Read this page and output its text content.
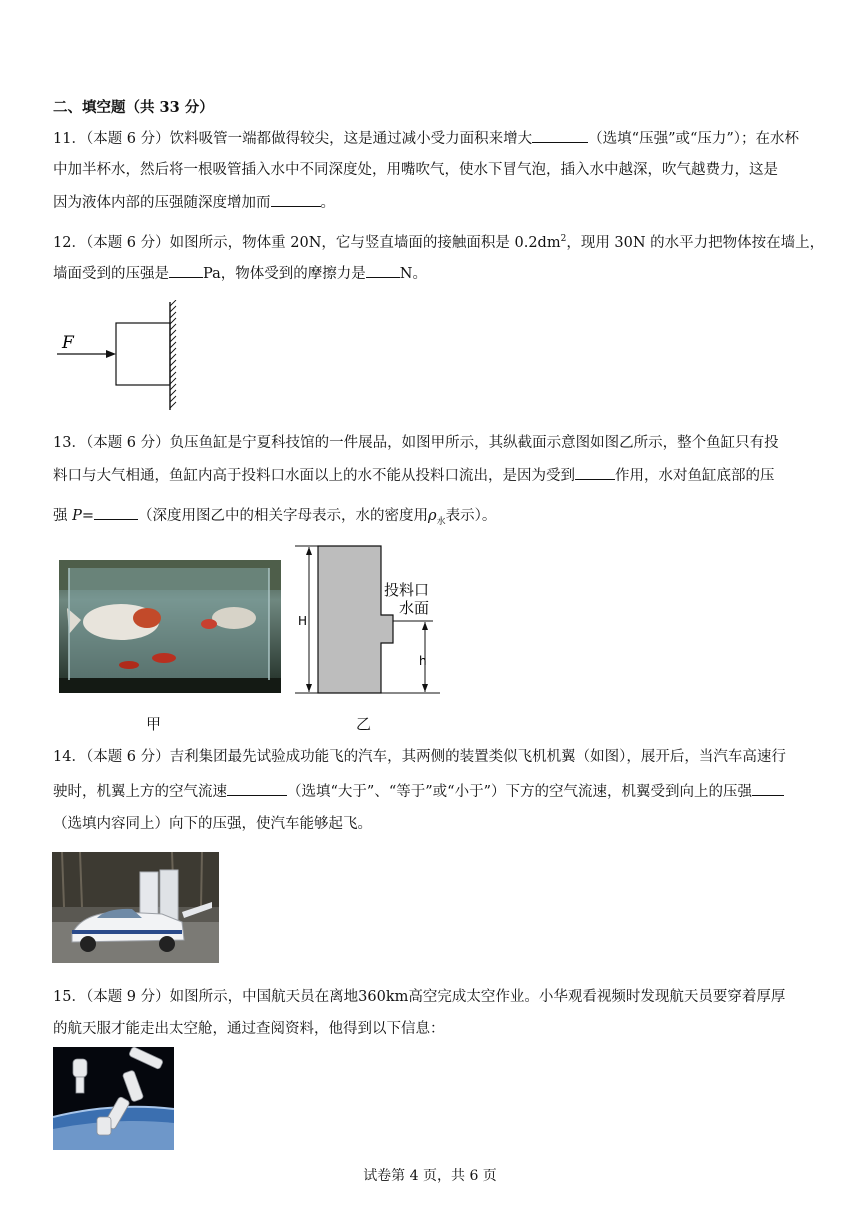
二、填空题（共 33 分）
11．（本题 6 分）饮料吸管一端都做得较尖，这是通过减小受力面积来增大	（选填“压强”或“压力”）；在水杯
中加半杯水，然后将一根吸管插入水中不同深度处，用嘴吹气，使水下冒气泡，插入水中越深，吹气越费力，这是
因为液体内部的压强随深度增加而	。
12．（本题 6 分）如图所示，物体重 20N，它与竖直墙面的接触面积是 $0.2dm^2$，现用 30N 的水平力把物体按在墙上，
墙面受到的压强是 Pa，物体受到的摩擦力是 N。
F
13．（本题 6 分）负压鱼缸是宁夏科技馆的一件展品，如图甲所示，其纵截面示意图如图乙所示，整个鱼缸只有投
料口与大气相通，鱼缸内高于投料口水面以上的水不能从投料口流出，是因为受到	作用，水对鱼缸底部的压
强 P=	（深度用图乙中的相关字母表示，水的密度用$\rho_水$表示）。
H
h
投料口
水面
甲	乙
14．（本题 6 分）吉利集团最先试验成功能飞的汽车，其两侧的装置类似飞机机翼（如图），展开后，当汽车高速行
驶时，机翼上方的空气流速	（选填“大于”、“等于”或“小于”）下方的空气流速，机翼受到向上的压强
（选填内容同上）向下的压强，使汽车能够起飞。
15．（本题 9 分）如图所示，中国航天员在离地360km高空完成太空作业。小华观看视频时发现航天员要穿着厚厚
的航天服才能走出太空舱，通过查阅资料，他得到以下信息：
试卷第 4 页，共 6 页
